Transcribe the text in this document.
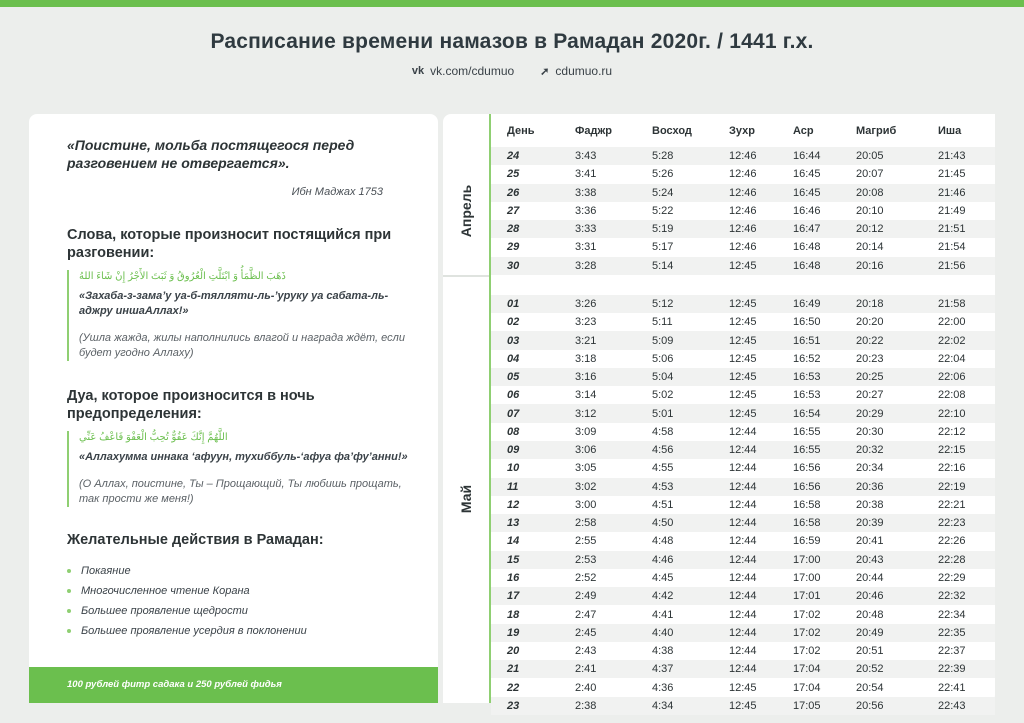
Расписание времени намазов в Рамадан 2020г. / 1441 г.х.
vk vk.com/cdumuo ➚ cdumuo.ru
«Поистине, мольба постящегося перед разговением не отвергается».
Ибн Маджах 1753
Слова, которые произносит постящийся при разговении:
ذَهَبَ الظَّمَأُ وَ ابْتَلَّتِ الْعُرُوقُ وَ ثَبَتَ الأَجْرُ إِنْ شَاءَ اللهُ
«Захаба-з-зама’у уа-б-тялляти-ль-’уруку уа сабата-ль-аджру иншаАллах!»
(Ушла жажда, жилы наполнились влагой и награда ждёт, если будет угодно Аллаху)
Дуа, которое произносится в ночь предопределения:
اللَّهُمَّ إِنَّكَ عَفُوٌّ تُحِبُّ الْعَفْوَ فَاعْفُ عَنِّي
«Аллахумма иннака ‘афуун, тухиббуль-‘афуа фа’фу’анни!»
(О Аллах, поистине, Ты – Прощающий, Ты любишь прощать, так прости же меня!)
Желательные действия в Рамадан:
Покаяние
Многочисленное чтение Корана
Большее проявление щедрости
Большее проявление усердия в поклонении
100 рублей фитр садака и 250 рублей фидья
День	Фаджр	Восход	Зухр	Аср	Магриб	Иша
24	3:43	5:28	12:46	16:44	20:05	21:43
25	3:41	5:26	12:46	16:45	20:07	21:45
26	3:38	5:24	12:46	16:45	20:08	21:46
27	3:36	5:22	12:46	16:46	20:10	21:49
28	3:33	5:19	12:46	16:47	20:12	21:51
29	3:31	5:17	12:46	16:48	20:14	21:54
30	3:28	5:14	12:45	16:48	20:16	21:56
01	3:26	5:12	12:45	16:49	20:18	21:58
02	3:23	5:11	12:45	16:50	20:20	22:00
03	3:21	5:09	12:45	16:51	20:22	22:02
04	3:18	5:06	12:45	16:52	20:23	22:04
05	3:16	5:04	12:45	16:53	20:25	22:06
06	3:14	5:02	12:45	16:53	20:27	22:08
07	3:12	5:01	12:45	16:54	20:29	22:10
08	3:09	4:58	12:44	16:55	20:30	22:12
09	3:06	4:56	12:44	16:55	20:32	22:15
10	3:05	4:55	12:44	16:56	20:34	22:16
11	3:02	4:53	12:44	16:56	20:36	22:19
12	3:00	4:51	12:44	16:58	20:38	22:21
13	2:58	4:50	12:44	16:58	20:39	22:23
14	2:55	4:48	12:44	16:59	20:41	22:26
15	2:53	4:46	12:44	17:00	20:43	22:28
16	2:52	4:45	12:44	17:00	20:44	22:29
17	2:49	4:42	12:44	17:01	20:46	22:32
18	2:47	4:41	12:44	17:02	20:48	22:34
19	2:45	4:40	12:44	17:02	20:49	22:35
20	2:43	4:38	12:44	17:02	20:51	22:37
21	2:41	4:37	12:44	17:04	20:52	22:39
22	2:40	4:36	12:45	17:04	20:54	22:41
23	2:38	4:34	12:45	17:05	20:56	22:43
Апрель
Май
